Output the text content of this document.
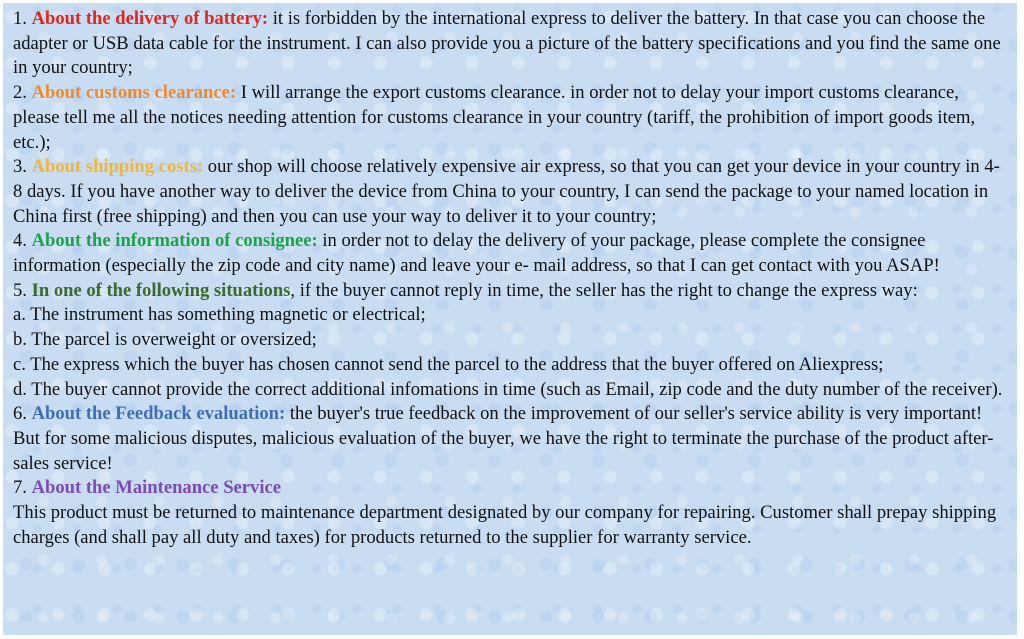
1. About the delivery of battery: it is forbidden by the international express to deliver the battery. In that case you can choose the adapter or USB data cable for the instrument. I can also provide you a picture of the battery specifications and you find the same one in your country;

2. About customs clearance: I will arrange the export customs clearance. in order not to delay your import customs clearance, please tell me all the notices needing attention for customs clearance in your country (tariff, the prohibition of import goods item, etc.);

3. About shipping costs: our shop will choose relatively expensive air express, so that you can get your device in your country in 4-8 days. If you have another way to deliver the device from China to your country, I can send the package to your named location in China first (free shipping) and then you can use your way to deliver it to your country;

4. About the information of consignee: in order not to delay the delivery of your package, please complete the consignee information (especially the zip code and city name) and leave your e- mail address, so that I can get contact with you ASAP!

5. In one of the following situations, if the buyer cannot reply in time, the seller has the right to change the express way:

a. The instrument has something magnetic or electrical;

b. The parcel is overweight or oversized;

c. The express which the buyer has chosen cannot send the parcel to the address that the buyer offered on Aliexpress;

d. The buyer cannot provide the correct additional infomations in time (such as Email, zip code and the duty number of the receiver).

6. About the Feedback evaluation: the buyer's true feedback on the improvement of our seller's service ability is very important! But for some malicious disputes, malicious evaluation of the buyer, we have the right to terminate the purchase of the product after-sales service!

7. About the Maintenance Service

This product must be returned to maintenance department designated by our company for repairing. Customer shall prepay shipping charges (and shall pay all duty and taxes) for products returned to the supplier for warranty service.
